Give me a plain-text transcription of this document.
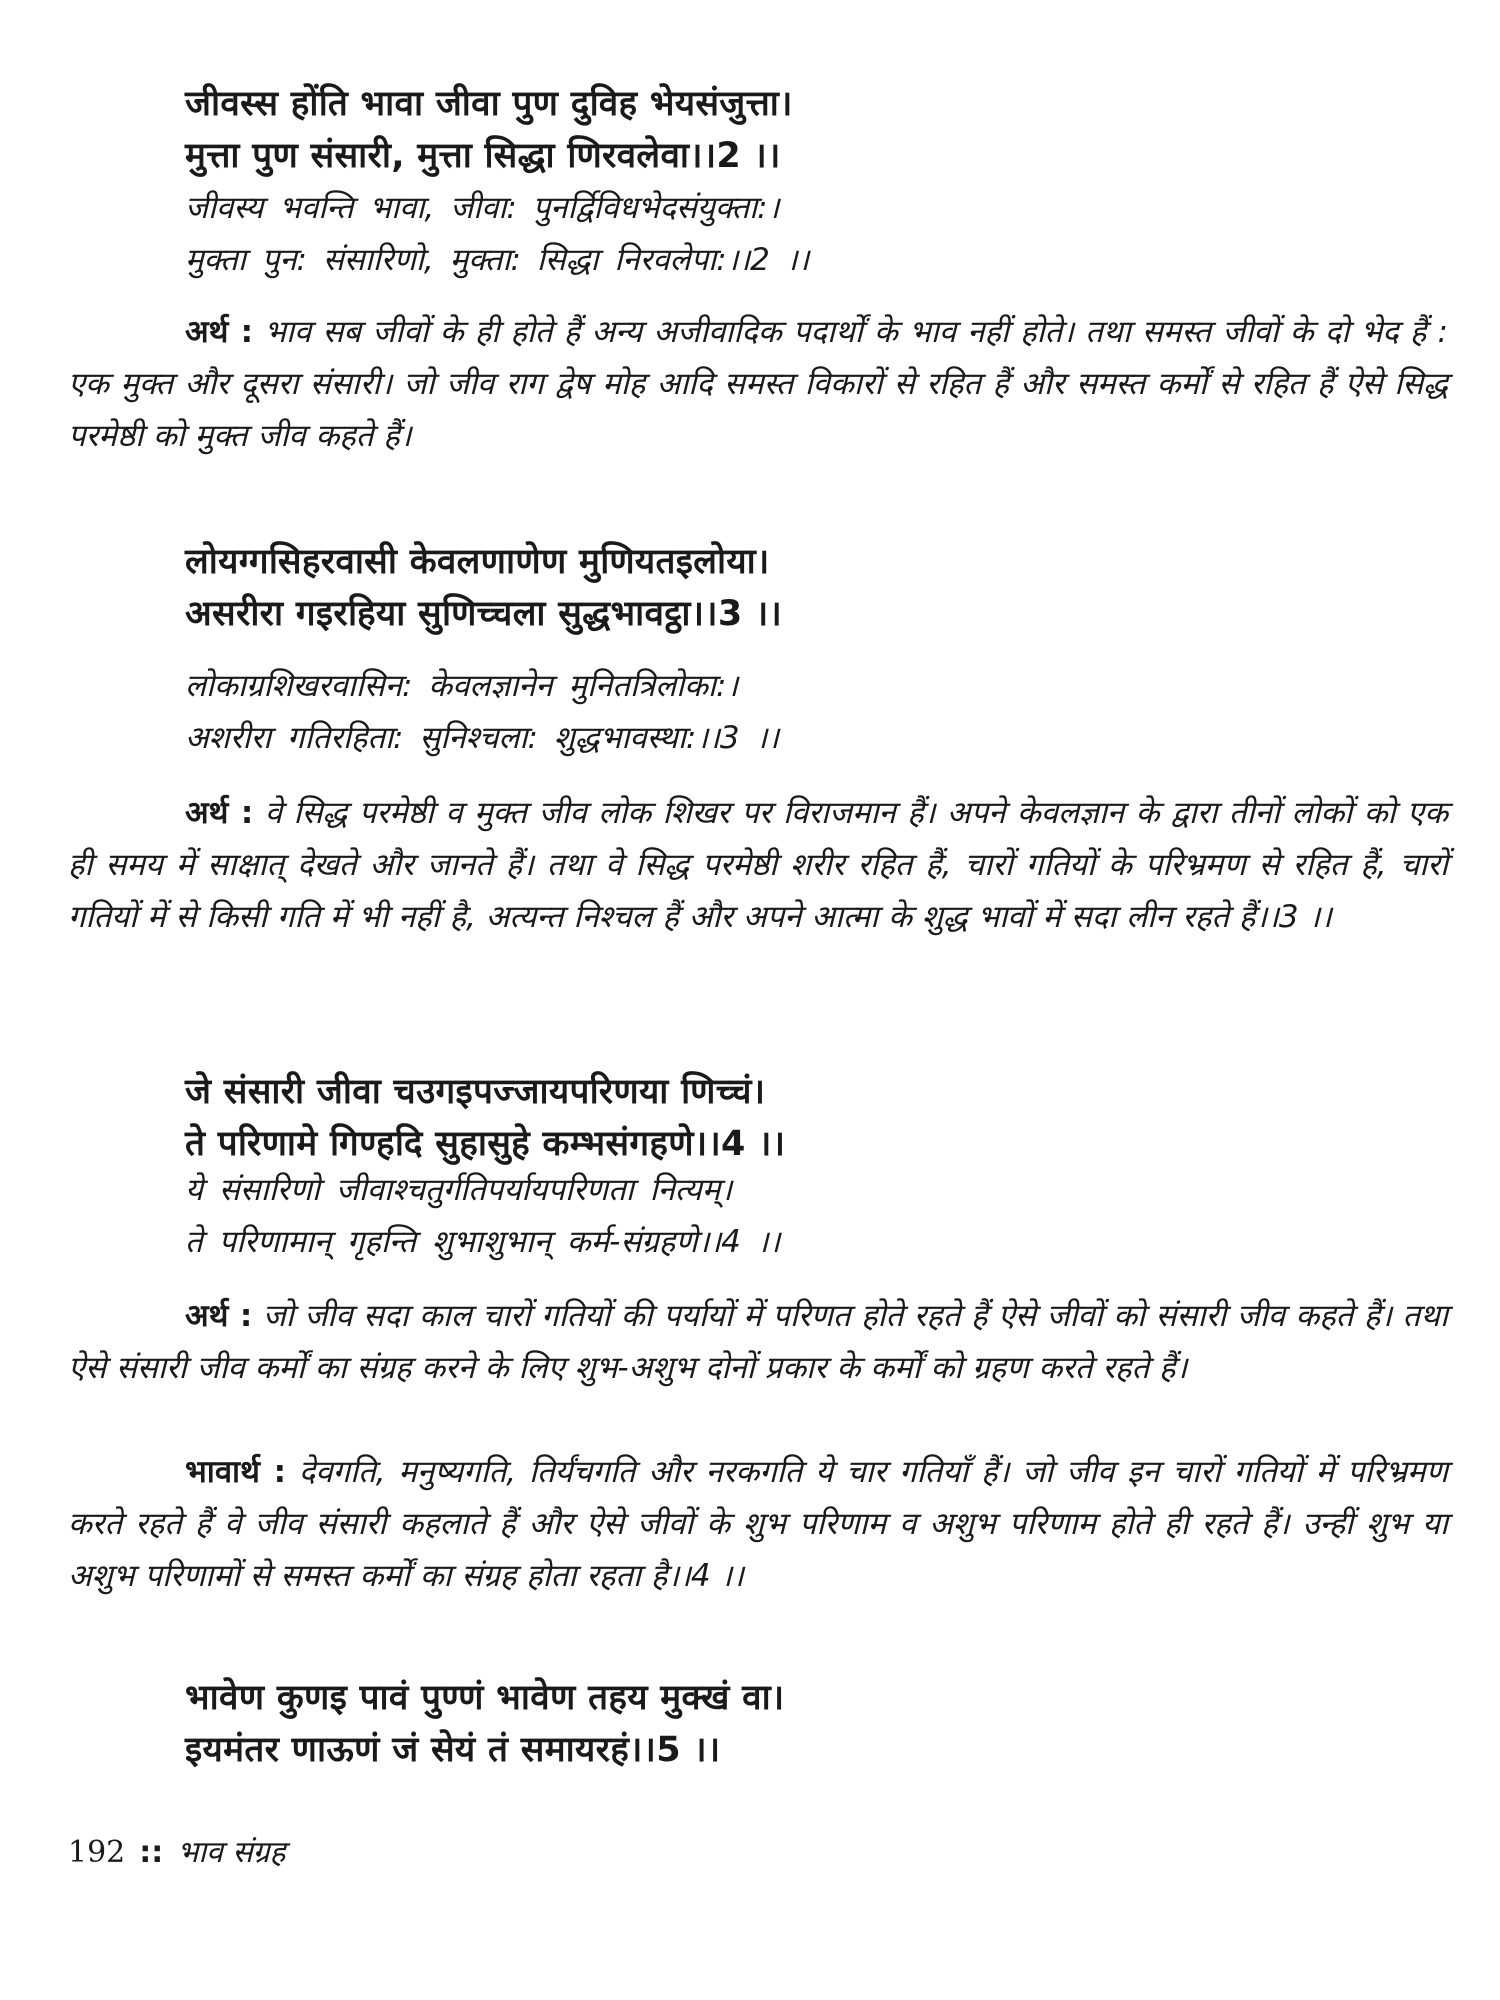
जीवस्स होंति भावा जीवा पुण दुविह भेयसंजुत्ता।
मुत्ता पुण संसारी, मुत्ता सिद्धा णिरवलेवा।।2 ।।
जीवस्य भवन्ति भावा, जीवा: पुनर्द्विविधभेदसंयुक्ता:।
मुक्ता पुन: संसारिणो, मुक्ता: सिद्धा निरवलेपा:।।2 ।।
अर्थ : भाव सब जीवों के ही होते हैं अन्य अजीवादिक पदार्थों के भाव नहीं होते। तथा समस्त जीवों के दो भेद हैं : एक मुक्त और दूसरा संसारी। जो जीव राग द्वेष मोह आदि समस्त विकारों से रहित हैं और समस्त कर्मों से रहित हैं ऐसे सिद्ध परमेष्ठी को मुक्त जीव कहते हैं।
लोयग्गसिहरवासी केवलणाणेण मुणियतइलोया।
असरीरा गइरहिया सुणिच्चला सुद्धभावट्ठा।।3 ।।
लोकाग्रशिखरवासिन: केवलज्ञानेन मुनितत्रिलोका:।
अशरीरा गतिरहिता: सुनिश्चला: शुद्धभावस्था:।।3 ।।
अर्थ : वे सिद्ध परमेष्ठी व मुक्त जीव लोक शिखर पर विराजमान हैं। अपने केवलज्ञान के द्वारा तीनों लोकों को एक ही समय में साक्षात् देखते और जानते हैं। तथा वे सिद्ध परमेष्ठी शरीर रहित हैं, चारों गतियों के परिभ्रमण से रहित हैं, चारों गतियों में से किसी गति में भी नहीं है, अत्यन्त निश्चल हैं और अपने आत्मा के शुद्ध भावों में सदा लीन रहते हैं।।3 ।।
जे संसारी जीवा चउगइपज्जायपरिणया णिच्चं।
ते परिणामे गिण्हदि सुहासुहे कम्भसंगहणे।।4 ।।
ये संसारिणो जीवाश्चतुर्गतिपर्यायपरिणता नित्यम्।
ते परिणामान् गृहन्ति शुभाशुभान् कर्म-संग्रहणे।।4 ।।
अर्थ : जो जीव सदा काल चारों गतियों की पर्यायों में परिणत होते रहते हैं ऐसे जीवों को संसारी जीव कहते हैं। तथा ऐसे संसारी जीव कर्मों का संग्रह करने के लिए शुभ-अशुभ दोनों प्रकार के कर्मों को ग्रहण करते रहते हैं।
भावार्थ : देवगति, मनुष्यगति, तिर्यंचगति और नरकगति ये चार गतियाँ हैं। जो जीव इन चारों गतियों में परिभ्रमण करते रहते हैं वे जीव संसारी कहलाते हैं और ऐसे जीवों के शुभ परिणाम व अशुभ परिणाम होते ही रहते हैं। उन्हीं शुभ या अशुभ परिणामों से समस्त कर्मों का संग्रह होता रहता है।।4 ।।
भावेण कुणइ पावं पुण्णं भावेण तहय मुक्खं वा।
इयमंतर णाऊणं जं सेयं तं समायरहं।।5 ।।
192 :: भाव संग्रह
